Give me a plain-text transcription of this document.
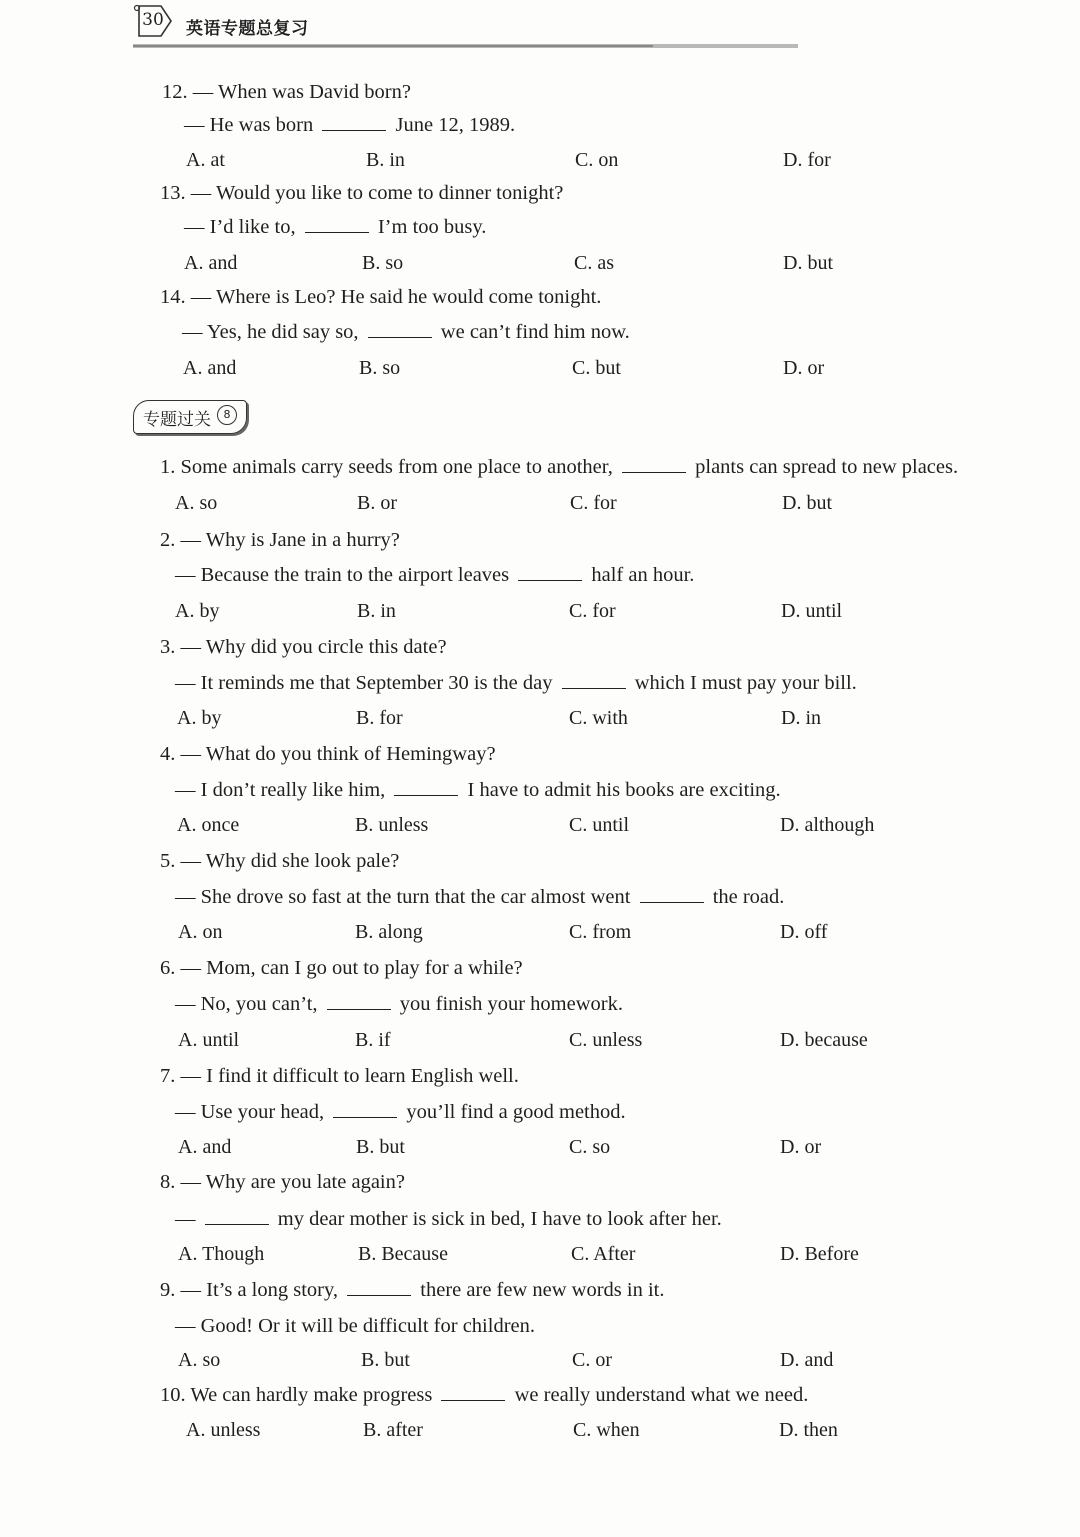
30	英语专题总复习
专题过关	8
12. — When was David born?
— He was born	June 12, 1989.
A. at	B. in	C. on	D. for
13. — Would you like to come to dinner tonight?
— I’d like to,	I’m too busy.
A. and	B. so	C. as	D. but
14. — Where is Leo? He said he would come tonight.
— Yes, he did say so,	we can’t find him now.
A. and	B. so	C. but	D. or
1. Some animals carry seeds from one place to another,	plants can spread to new places.
A. so	B. or	C. for	D. but
2. — Why is Jane in a hurry?
— Because the train to the airport leaves	half an hour.
A. by	B. in	C. for	D. until
3. — Why did you circle this date?
— It reminds me that September 30 is the day	which I must pay your bill.
A. by	B. for	C. with	D. in
4. — What do you think of Hemingway?
— I don’t really like him,	I have to admit his books are exciting.
A. once	B. unless	C. until	D. although
5. — Why did she look pale?
— She drove so fast at the turn that the car almost went	the road.
A. on	B. along	C. from	D. off
6. — Mom, can I go out to play for a while?
— No, you can’t,	you finish your homework.
A. until	B. if	C. unless	D. because
7. — I find it difficult to learn English well.
— Use your head,	you’ll find a good method.
A. and	B. but	C. so	D. or
8. — Why are you late again?
—	my dear mother is sick in bed, I have to look after her.
A. Though	B. Because	C. After	D. Before
9. — It’s a long story,	there are few new words in it.
— Good! Or it will be difficult for children.
A. so	B. but	C. or	D. and
10. We can hardly make progress	we really understand what we need.
A. unless	B. after	C. when	D. then
